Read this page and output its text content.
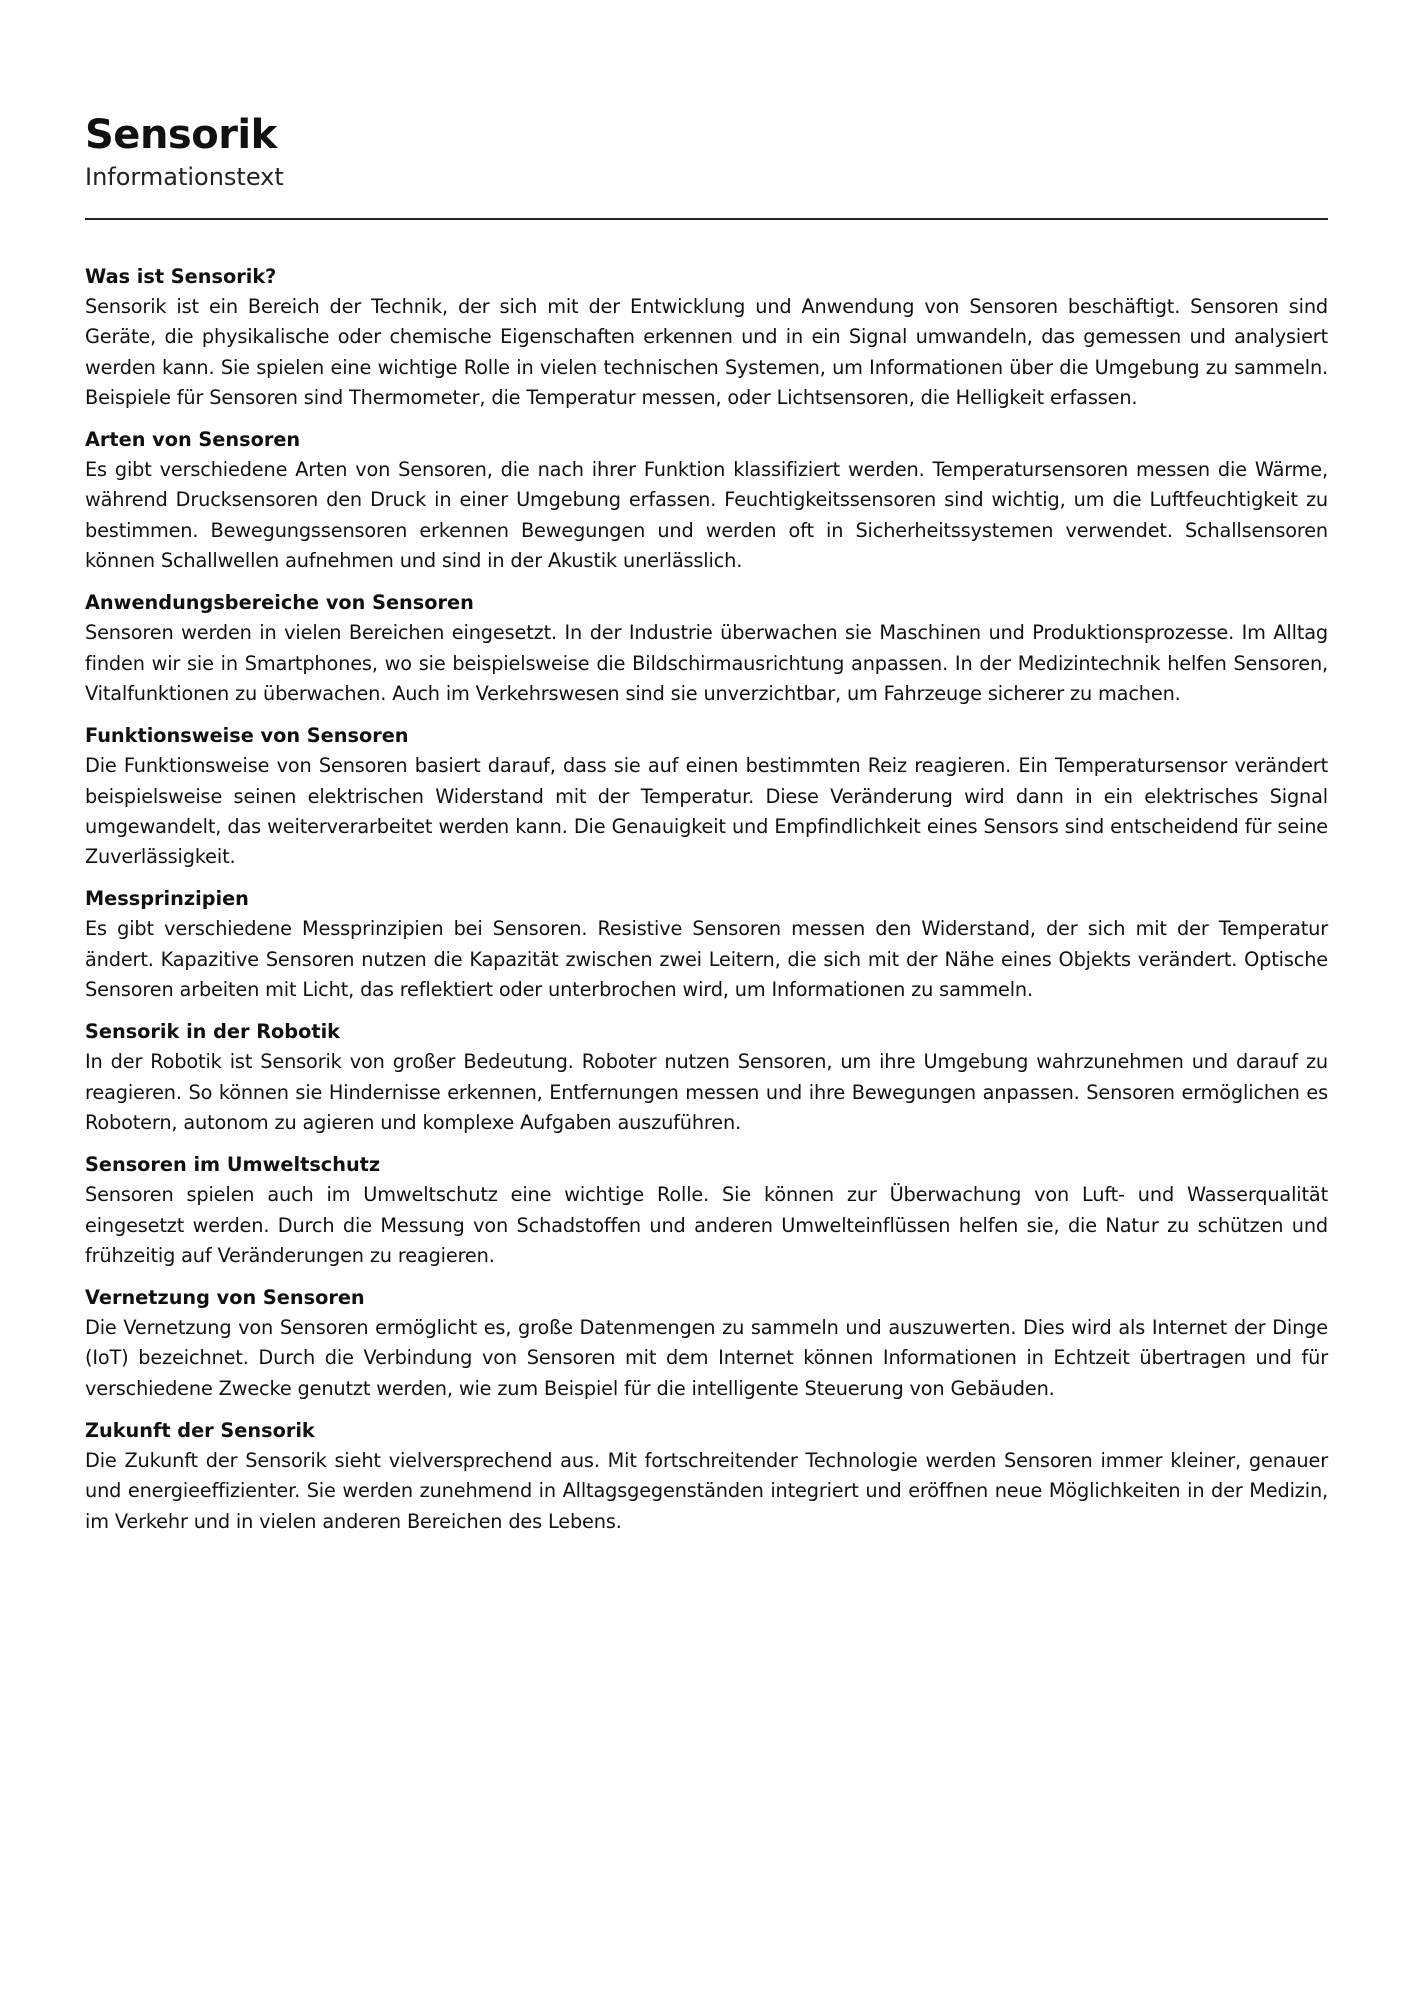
Sensorik

Informationstext

Was ist Sensorik?

Sensorik ist ein Bereich der Technik, der sich mit der Entwicklung und Anwendung von Sensoren beschäftigt. Sensoren sind Geräte, die physikalische oder chemische Eigenschaften erkennen und in ein Signal umwandeln, das gemessen und analysiert werden kann. Sie spielen eine wichtige Rolle in vielen technischen Systemen, um Informationen über die Umgebung zu sammeln. Beispiele für Sensoren sind Thermometer, die Temperatur messen, oder Lichtsensoren, die Helligkeit erfassen.

Arten von Sensoren

Es gibt verschiedene Arten von Sensoren, die nach ihrer Funktion klassifiziert werden. Temperatursensoren messen die Wärme, während Drucksensoren den Druck in einer Umgebung erfassen. Feuchtigkeitssensoren sind wichtig, um die Luftfeuchtigkeit zu bestimmen. Bewegungssensoren erkennen Bewegungen und werden oft in Sicherheitssystemen verwendet. Schallsensoren können Schallwellen aufnehmen und sind in der Akustik unerlässlich.

Anwendungsbereiche von Sensoren

Sensoren werden in vielen Bereichen eingesetzt. In der Industrie überwachen sie Maschinen und Produktionsprozesse. Im Alltag finden wir sie in Smartphones, wo sie beispielsweise die Bildschirmausrichtung anpassen. In der Medizintechnik helfen Sensoren, Vitalfunktionen zu überwachen. Auch im Verkehrswesen sind sie unverzichtbar, um Fahrzeuge sicherer zu machen.

Funktionsweise von Sensoren

Die Funktionsweise von Sensoren basiert darauf, dass sie auf einen bestimmten Reiz reagieren. Ein Temperatursensor verändert beispielsweise seinen elektrischen Widerstand mit der Temperatur. Diese Veränderung wird dann in ein elektrisches Signal umgewandelt, das weiterverarbeitet werden kann. Die Genauigkeit und Empfindlichkeit eines Sensors sind entscheidend für seine Zuverlässigkeit.

Messprinzipien

Es gibt verschiedene Messprinzipien bei Sensoren. Resistive Sensoren messen den Widerstand, der sich mit der Temperatur ändert. Kapazitive Sensoren nutzen die Kapazität zwischen zwei Leitern, die sich mit der Nähe eines Objekts verändert. Optische Sensoren arbeiten mit Licht, das reflektiert oder unterbrochen wird, um Informationen zu sammeln.

Sensorik in der Robotik

In der Robotik ist Sensorik von großer Bedeutung. Roboter nutzen Sensoren, um ihre Umgebung wahrzunehmen und darauf zu reagieren. So können sie Hindernisse erkennen, Entfernungen messen und ihre Bewegungen anpassen. Sensoren ermöglichen es Robotern, autonom zu agieren und komplexe Aufgaben auszuführen.

Sensoren im Umweltschutz

Sensoren spielen auch im Umweltschutz eine wichtige Rolle. Sie können zur Überwachung von Luft- und Wasserqualität eingesetzt werden. Durch die Messung von Schadstoffen und anderen Umwelteinflüssen helfen sie, die Natur zu schützen und frühzeitig auf Veränderungen zu reagieren.

Vernetzung von Sensoren

Die Vernetzung von Sensoren ermöglicht es, große Datenmengen zu sammeln und auszuwerten. Dies wird als Internet der Dinge (IoT) bezeichnet. Durch die Verbindung von Sensoren mit dem Internet können Informationen in Echtzeit übertragen und für verschiedene Zwecke genutzt werden, wie zum Beispiel für die intelligente Steuerung von Gebäuden.

Zukunft der Sensorik

Die Zukunft der Sensorik sieht vielversprechend aus. Mit fortschreitender Technologie werden Sensoren immer kleiner, genauer und energieeffizienter. Sie werden zunehmend in Alltagsgegenständen integriert und eröffnen neue Möglichkeiten in der Medizin, im Verkehr und in vielen anderen Bereichen des Lebens.
